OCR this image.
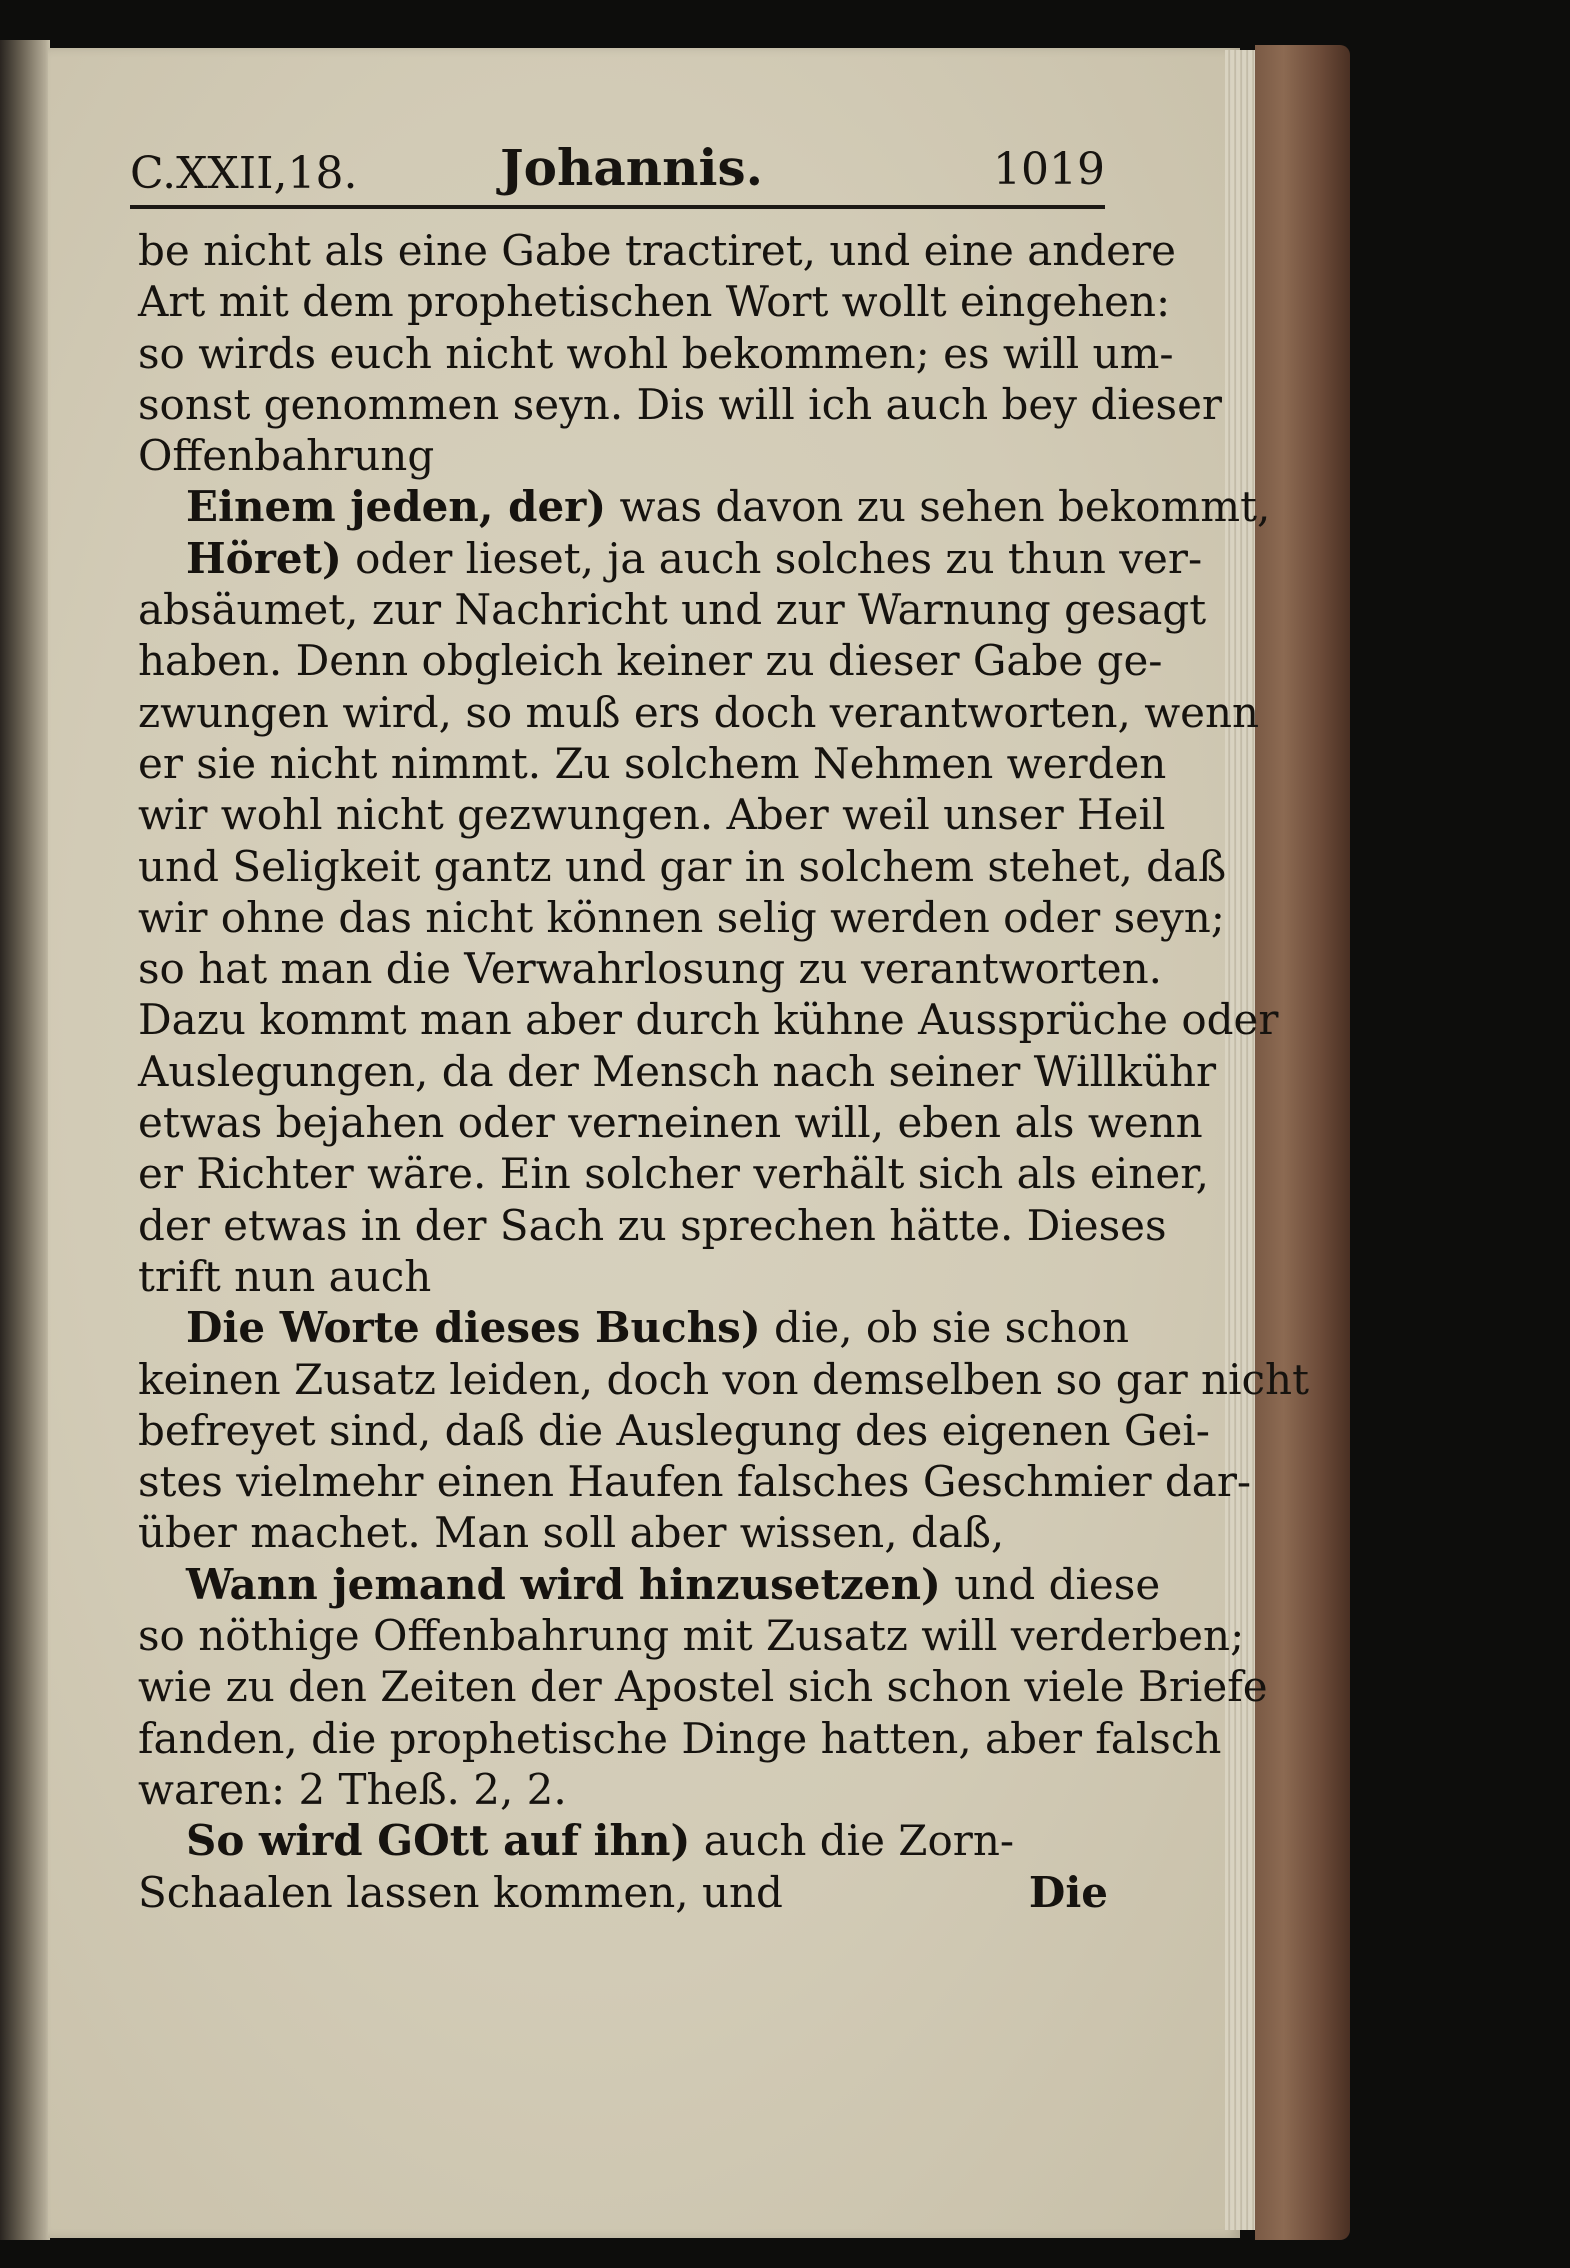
C.XXII,18.	Johannis.	1019
be nicht als eine Gabe tractiret, und eine andere
Art mit dem prophetischen Wort wollt eingehen:
so wirds euch nicht wohl bekommen; es will um-
sonst genommen seyn. Dis will ich auch bey dieser
Offenbahrung
Einem jeden, der) was davon zu sehen bekommt,
Höret) oder lieset, ja auch solches zu thun ver-
absäumet, zur Nachricht und zur Warnung gesagt
haben. Denn obgleich keiner zu dieser Gabe ge-
zwungen wird, so muß ers doch verantworten, wenn
er sie nicht nimmt. Zu solchem Nehmen werden
wir wohl nicht gezwungen. Aber weil unser Heil
und Seligkeit gantz und gar in solchem stehet, daß
wir ohne das nicht können selig werden oder seyn;
so hat man die Verwahrlosung zu verantworten.
Dazu kommt man aber durch kühne Aussprüche oder
Auslegungen, da der Mensch nach seiner Willkühr
etwas bejahen oder verneinen will, eben als wenn
er Richter wäre. Ein solcher verhält sich als einer,
der etwas in der Sach zu sprechen hätte. Dieses
trift nun auch
Die Worte dieses Buchs) die, ob sie schon
keinen Zusatz leiden, doch von demselben so gar nicht
befreyet sind, daß die Auslegung des eigenen Gei-
stes vielmehr einen Haufen falsches Geschmier dar-
über machet. Man soll aber wissen, daß,
Wann jemand wird hinzusetzen) und diese
so nöthige Offenbahrung mit Zusatz will verderben;
wie zu den Zeiten der Apostel sich schon viele Briefe
fanden, die prophetische Dinge hatten, aber falsch
waren: 2 Theß. 2, 2.
So wird GOtt auf ihn) auch die Zorn-
Schaalen lassen kommen, und	Die
